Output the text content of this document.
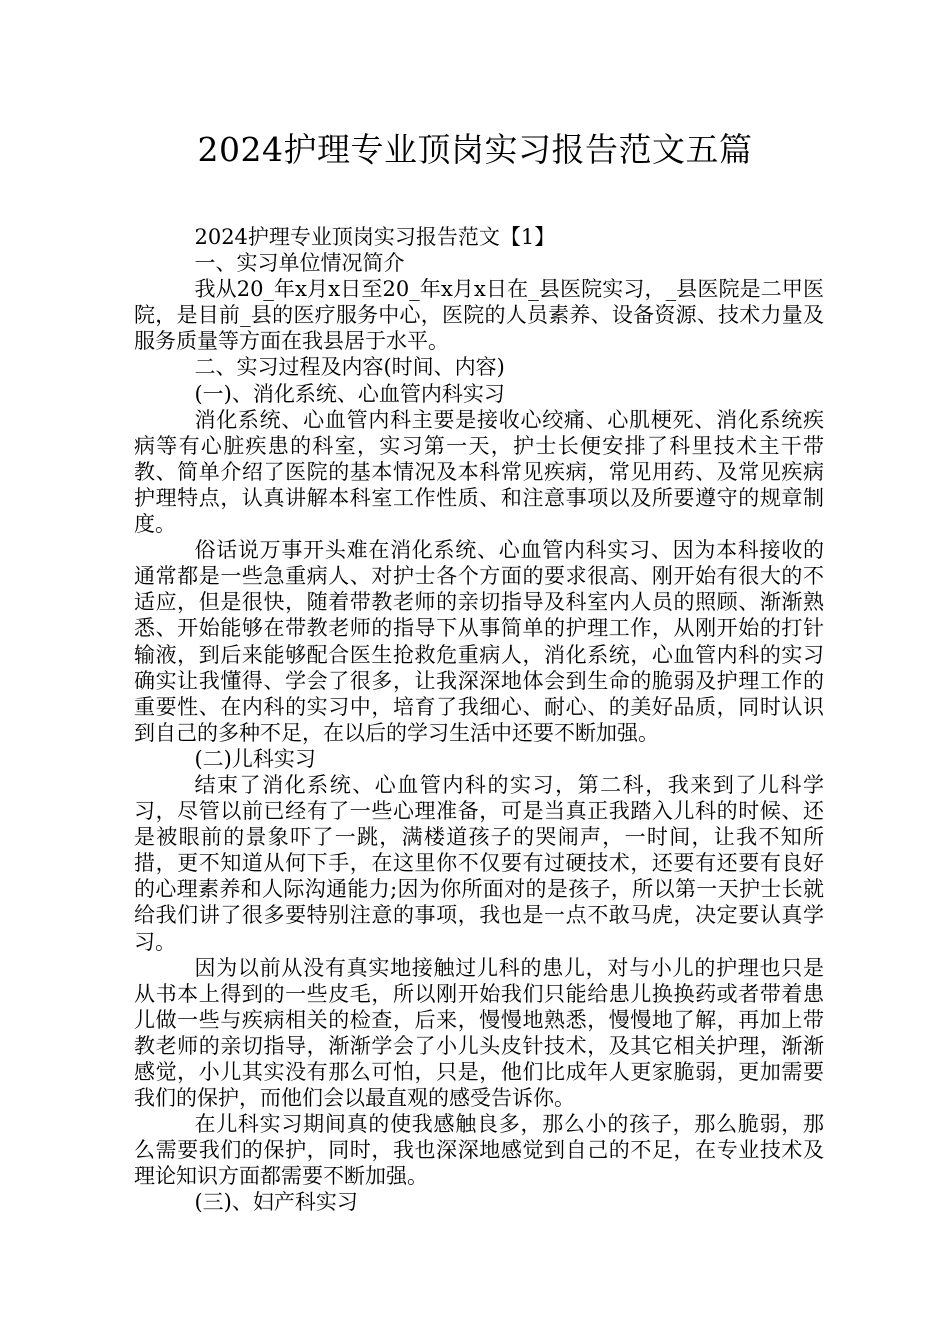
2024护理专业顶岗实习报告范文五篇

2024护理专业顶岗实习报告范文【1】

一、实习单位情况简介

我从20_年x月x日至20_年x月x日在_县医院实习，_县医院是二甲医院，是目前_县的医疗服务中心，医院的人员素养、设备资源、技术力量及服务质量等方面在我县居于水平。

二、实习过程及内容(时间、内容)

(一)、消化系统、心血管内科实习

消化系统、心血管内科主要是接收心绞痛、心肌梗死、消化系统疾病等有心脏疾患的科室，实习第一天，护士长便安排了科里技术主干带教、简单介绍了医院的基本情况及本科常见疾病，常见用药、及常见疾病护理特点，认真讲解本科室工作性质、和注意事项以及所要遵守的规章制度。

俗话说万事开头难在消化系统、心血管内科实习、因为本科接收的通常都是一些急重病人、对护士各个方面的要求很高、刚开始有很大的不适应，但是很快，随着带教老师的亲切指导及科室内人员的照顾、渐渐熟悉、开始能够在带教老师的指导下从事简单的护理工作，从刚开始的打针输液，到后来能够配合医生抢救危重病人，消化系统，心血管内科的实习确实让我懂得、学会了很多，让我深深地体会到生命的脆弱及护理工作的重要性、在内科的实习中，培育了我细心、耐心、的美好品质，同时认识到自己的多种不足，在以后的学习生活中还要不断加强。

(二)儿科实习

结束了消化系统、心血管内科的实习，第二科，我来到了儿科学习，尽管以前已经有了一些心理准备，可是当真正我踏入儿科的时候、还是被眼前的景象吓了一跳，满楼道孩子的哭闹声，一时间，让我不知所措，更不知道从何下手，在这里你不仅要有过硬技术，还要有还要有良好的心理素养和人际沟通能力;因为你所面对的是孩子，所以第一天护士长就给我们讲了很多要特别注意的事项，我也是一点不敢马虎，决定要认真学习。

因为以前从没有真实地接触过儿科的患儿，对与小儿的护理也只是从书本上得到的一些皮毛，所以刚开始我们只能给患儿换换药或者带着患儿做一些与疾病相关的检查，后来，慢慢地熟悉，慢慢地了解，再加上带教老师的亲切指导，渐渐学会了小儿头皮针技术，及其它相关护理，渐渐感觉，小儿其实没有那么可怕，只是，他们比成年人更家脆弱，更加需要我们的保护，而他们会以最直观的感受告诉你。

在儿科实习期间真的使我感触良多，那么小的孩子，那么脆弱，那么需要我们的保护，同时，我也深深地感觉到自己的不足，在专业技术及理论知识方面都需要不断加强。

(三)、妇产科实习
